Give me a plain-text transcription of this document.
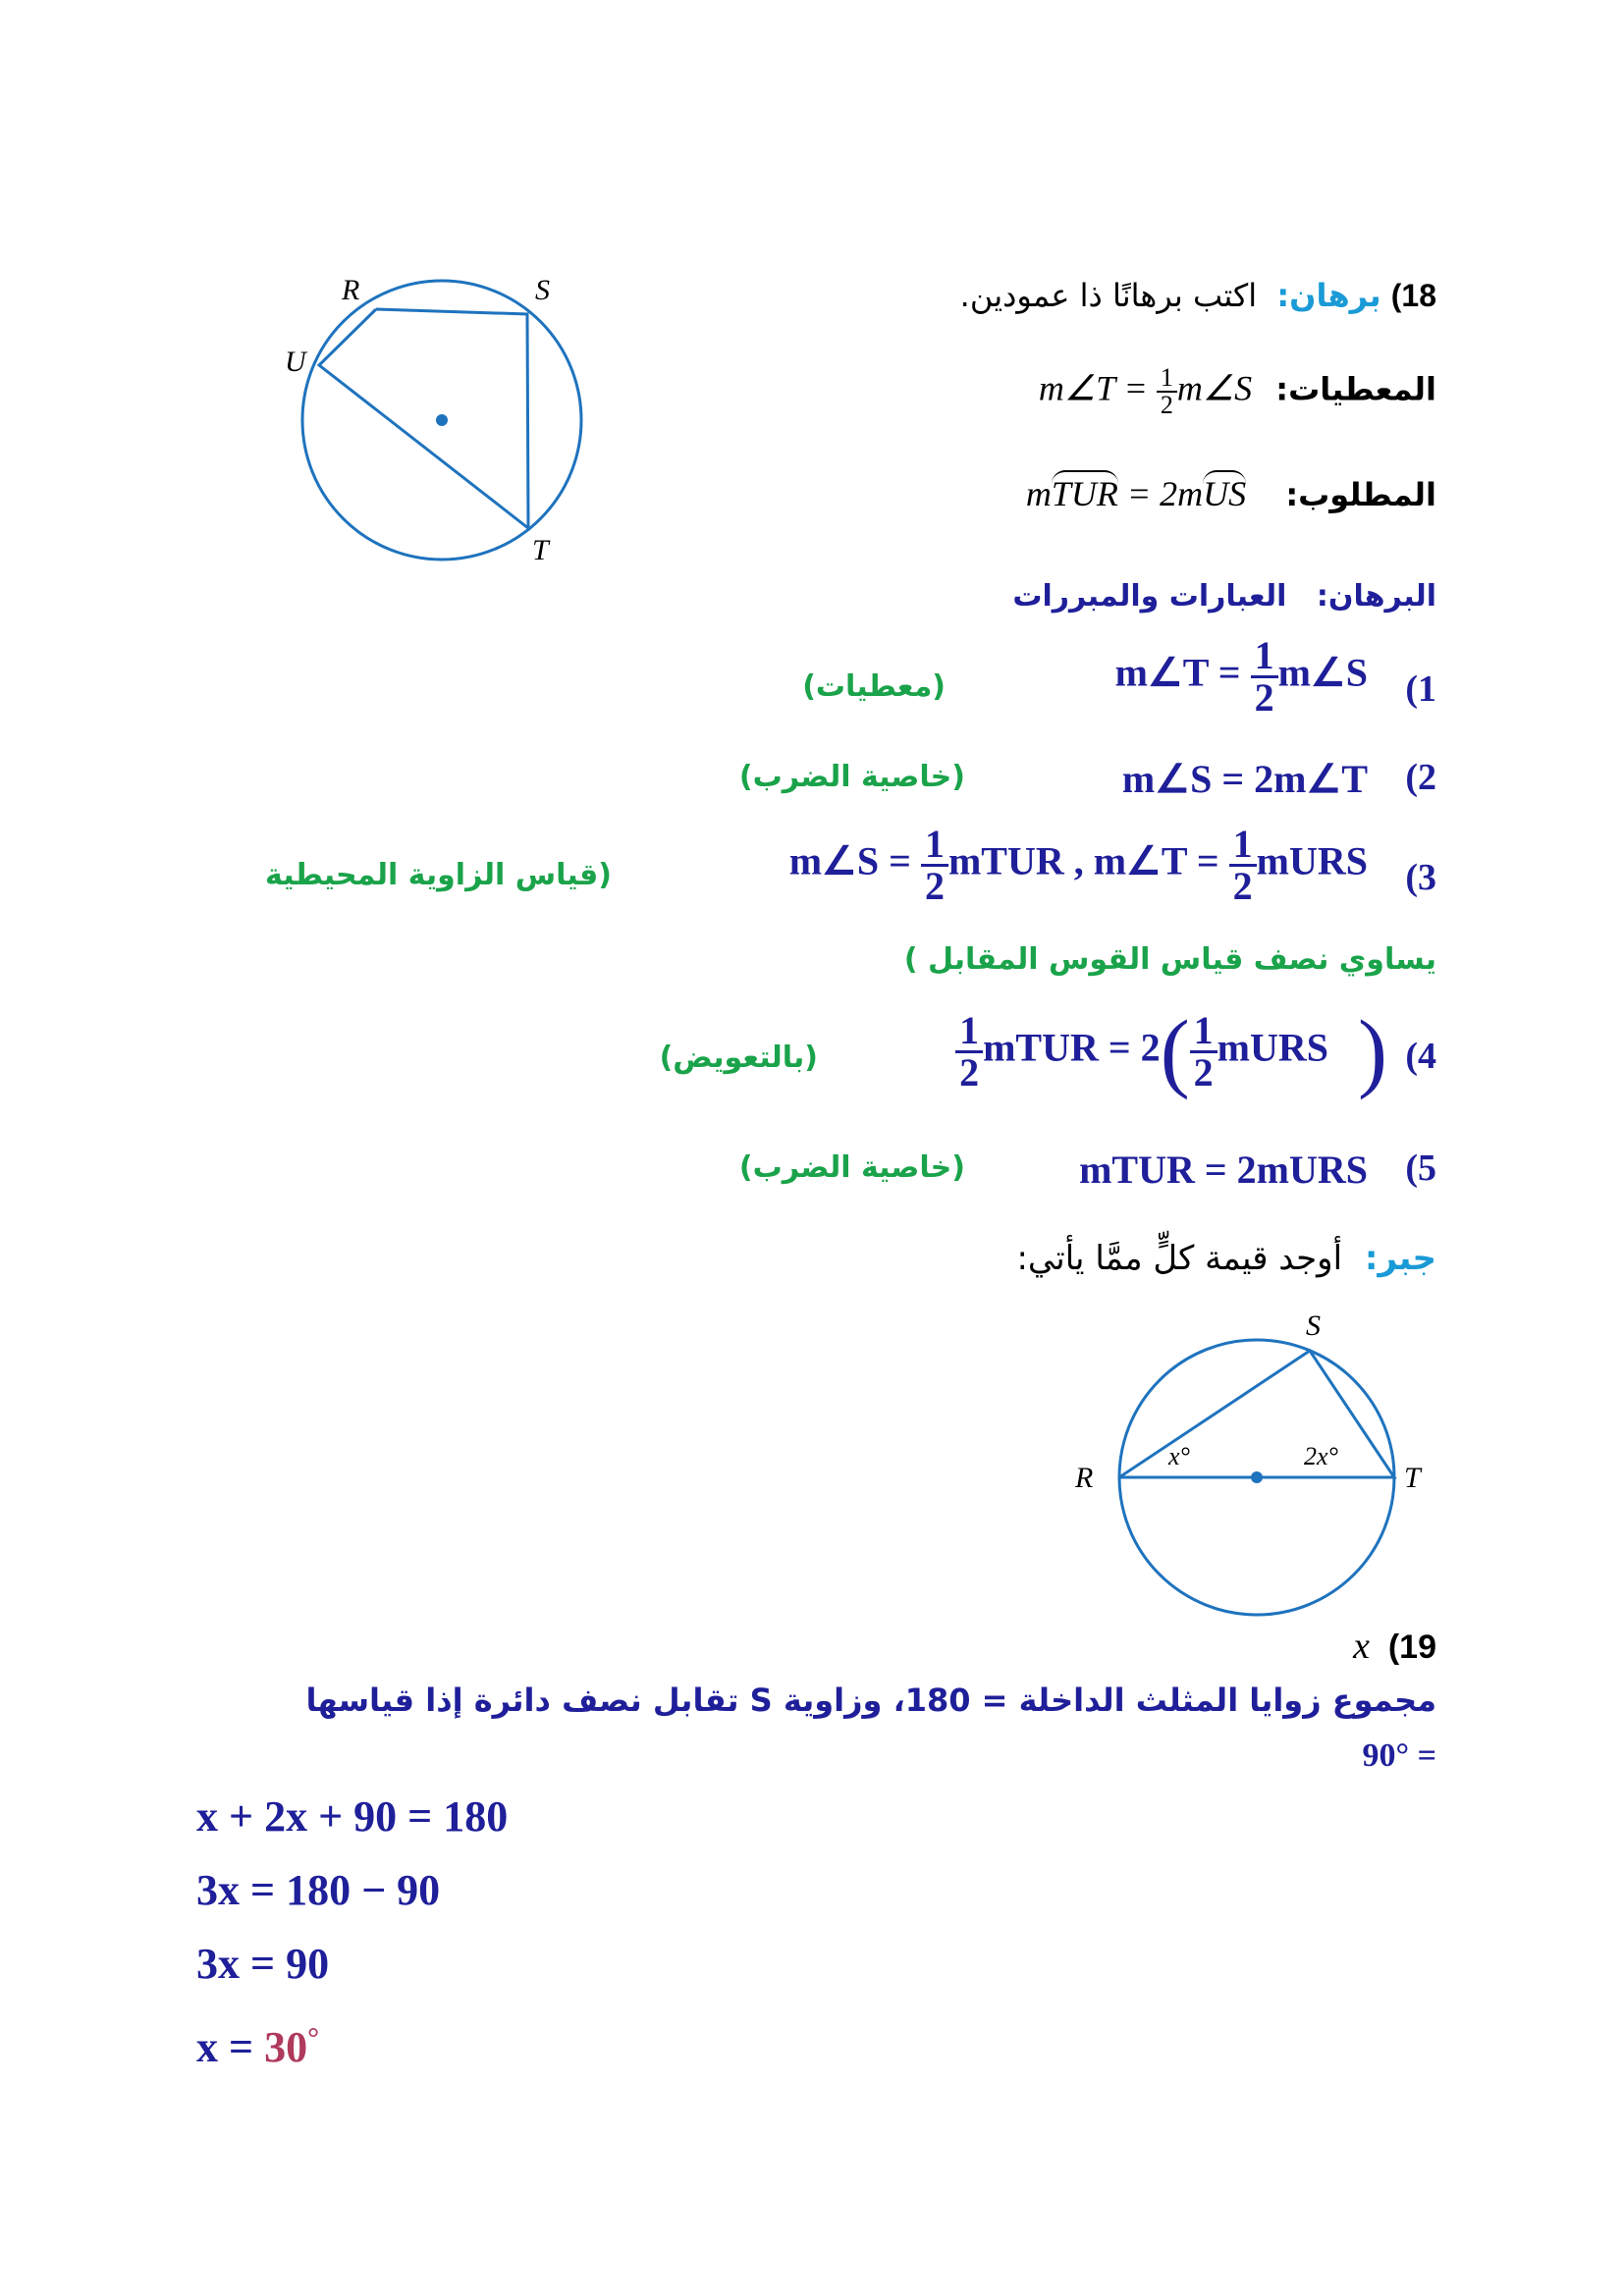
R	S
U
T
18) برهان: اكتب برهانًا ذا عمودين.
المعطيات: m∠T = $\frac{1}{2}$ m∠S
المطلوب: mTUR = 2mUS
البرهان: العبارات والمبررات
(1
m∠T = $\frac{1}{2}$ m∠S
(معطيات)
(2
m∠S = 2m∠T
(خاصية الضرب)
(3
m∠S = $\frac{1}{2}$ mTUR , m∠T = $\frac{1}{2}$ mURS
(قياس الزاوية المحيطية
يساوي نصف قياس القوس المقابل )
(4
$\frac{1}{2}$ mTUR = $2( \frac{1}{2}$ mURS )
(بالتعويض)
(5
mTUR = 2mURS
(خاصية الضرب)
جبر: أوجد قيمة كلٍّ ممَّا يأتي:
S
R	T
x°	2x°
x (19
مجموع زوايا المثلث الداخلة = 180، وزاوية S تقابل نصف دائرة إذا قياسها
= 90°
x + 2x + 90 = 180
3x = 180 − 90
3x = 90
x = 30°
